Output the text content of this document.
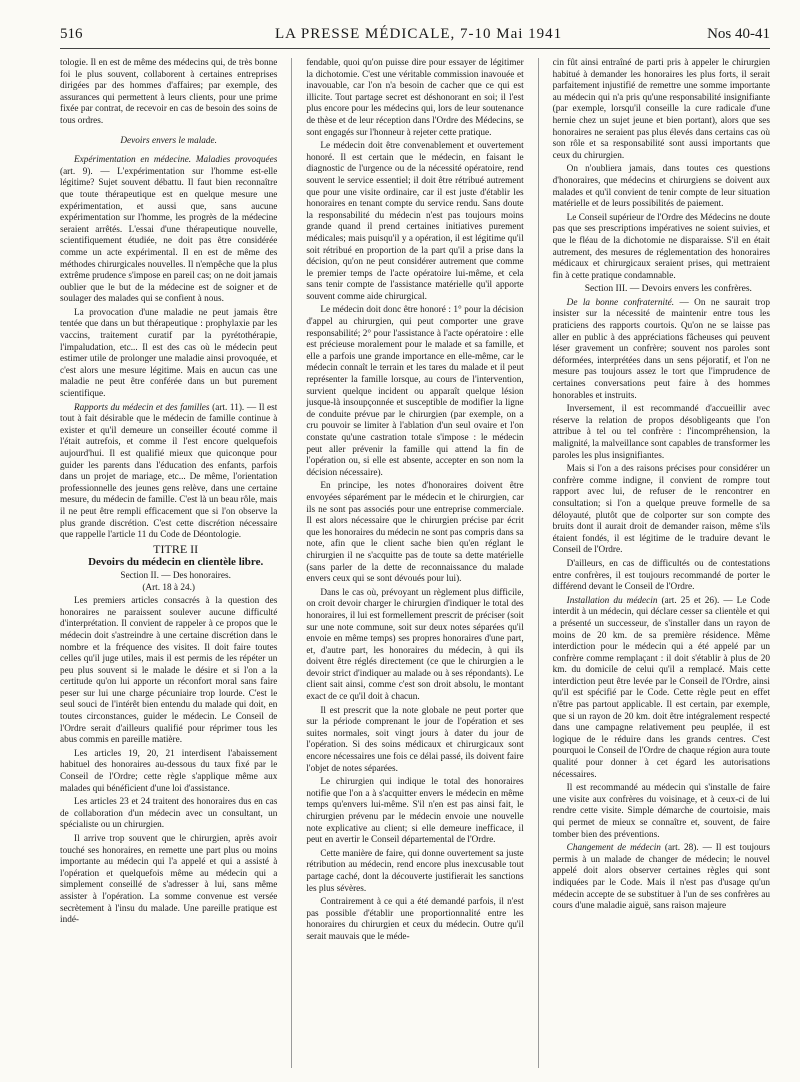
516	LA PRESSE MÉDICALE, 7-10 Mai 1941	Nos 40-41

tologie. Il en est de même des médecins qui, de très bonne foi le plus souvent, collaborent à certaines entreprises dirigées par des hommes d'affaires; par exemple, des assurances qui permettent à leurs clients, pour une prime fixée par contrat, de recevoir en cas de besoin des soins de tous ordres.

Devoirs envers le malade.

Expérimentation en médecine. Maladies provoquées (art. 9). — L'expérimentation sur l'homme est-elle légitime? Sujet souvent débattu. Il faut bien reconnaître que toute thérapeutique est en quelque mesure une expérimentation, et aussi que, sans aucune expérimentation sur l'homme, les progrès de la médecine seraient arrêtés. L'essai d'une thérapeutique nouvelle, scientifiquement étudiée, ne doit pas être considérée comme un acte expérimental. Il en est de même des méthodes chirurgicales nouvelles. Il n'empêche que la plus extrême prudence s'impose en pareil cas; on ne doit jamais oublier que le but de la médecine est de soigner et de soulager des malades qui se confient à nous.

La provocation d'une maladie ne peut jamais être tentée que dans un but thérapeutique : prophylaxie par les vaccins, traitement curatif par la pyrétothérapie, l'impaludation, etc... Il est des cas où le médecin peut estimer utile de prolonger une maladie ainsi provoquée, et c'est alors une mesure légitime. Mais en aucun cas une maladie ne peut être conférée dans un but purement scientifique.

Rapports du médecin et des familles (art. 11). — Il est tout à fait désirable que le médecin de famille continue à exister et qu'il demeure un conseiller écouté comme il l'était autrefois, et comme il l'est encore quelquefois aujourd'hui. Il est qualifié mieux que quiconque pour guider les parents dans l'éducation des enfants, parfois dans un projet de mariage, etc... De même, l'orientation professionnelle des jeunes gens relève, dans une certaine mesure, du médecin de famille. C'est là un beau rôle, mais il ne peut être rempli efficacement que si l'on observe la plus grande discrétion. C'est cette discrétion nécessaire que rappelle l'article 11 du Code de Déontologie.

TITRE II

Devoirs du médecin en clientèle libre.

Section II. — Des honoraires.
(Art. 18 à 24.)

Les premiers articles consacrés à la question des honoraires ne paraissent soulever aucune difficulté d'interprétation. Il convient de rappeler à ce propos que le médecin doit s'astreindre à une certaine discrétion dans le nombre et la fréquence des visites. Il doit faire toutes celles qu'il juge utiles, mais il est permis de les répéter un peu plus souvent si le malade le désire et si l'on a la certitude qu'on lui apporte un réconfort moral sans faire peser sur lui une charge pécuniaire trop lourde. C'est le seul souci de l'intérêt bien entendu du malade qui doit, en toutes circonstances, guider le médecin. Le Conseil de l'Ordre serait d'ailleurs qualifié pour réprimer tous les abus commis en pareille matière.

Les articles 19, 20, 21 interdisent l'abaissement habituel des honoraires au-dessous du taux fixé par le Conseil de l'Ordre; cette règle s'applique même aux malades qui bénéficient d'une loi d'assistance.

Les articles 23 et 24 traitent des honoraires dus en cas de collaboration d'un médecin avec un consultant, un spécialiste ou un chirurgien.

Il arrive trop souvent que le chirurgien, après avoir touché ses honoraires, en remette une part plus ou moins importante au médecin qui l'a appelé et qui a assisté à l'opération et quelquefois même au médecin qui a simplement conseillé de s'adresser à lui, sans même assister à l'opération. La somme convenue est versée secrètement à l'insu du malade. Une pareille pratique est indé-

fendable, quoi qu'on puisse dire pour essayer de légitimer la dichotomie. C'est une véritable commission inavouée et inavouable, car l'on n'a besoin de cacher que ce qui est illicite. Tout partage secret est déshonorant en soi; il l'est plus encore pour les médecins qui, lors de leur soutenance de thèse et de leur réception dans l'Ordre des Médecins, se sont engagés sur l'honneur à rejeter cette pratique.

Le médecin doit être convenablement et ouvertement honoré. Il est certain que le médecin, en faisant le diagnostic de l'urgence ou de la nécessité opératoire, rend souvent le service essentiel; il doit être rétribué autrement que pour une visite ordinaire, car il est juste d'établir les honoraires en tenant compte du service rendu. Sans doute la responsabilité du médecin n'est pas toujours moins grande quand il prend certaines initiatives purement médicales; mais puisqu'il y a opération, il est légitime qu'il soit rétribué en proportion de la part qu'il a prise dans la décision, qu'on ne peut considérer autrement que comme le premier temps de l'acte opératoire lui-même, et cela sans tenir compte de l'assistance matérielle qu'il apporte souvent comme aide chirurgical.

Le médecin doit donc être honoré : 1° pour la décision d'appel au chirurgien, qui peut comporter une grave responsabilité; 2° pour l'assistance à l'acte opératoire : elle est précieuse moralement pour le malade et sa famille, et elle a parfois une grande importance en elle-même, car le médecin connaît le terrain et les tares du malade et il peut représenter la famille lorsque, au cours de l'intervention, survient quelque incident ou apparaît quelque lésion jusque-là insoupçonnée et susceptible de modifier la ligne de conduite prévue par le chirurgien (par exemple, on a cru pouvoir se limiter à l'ablation d'un seul ovaire et l'on constate qu'une castration totale s'impose : le médecin peut aller prévenir la famille qui attend la fin de l'opération ou, si elle est absente, accepter en son nom la décision nécessaire).

En principe, les notes d'honoraires doivent être envoyées séparément par le médecin et le chirurgien, car ils ne sont pas associés pour une entreprise commerciale. Il est alors nécessaire que le chirurgien précise par écrit que les honoraires du médecin ne sont pas compris dans sa note, afin que le client sache bien qu'en réglant le chirurgien il ne s'acquitte pas de toute sa dette matérielle (sans parler de la dette de reconnaissance du malade envers ceux qui se sont dévoués pour lui).

Dans le cas où, prévoyant un règlement plus difficile, on croit devoir charger le chirurgien d'indiquer le total des honoraires, il lui est formellement prescrit de préciser (soit sur une note commune, soit sur deux notes séparées qu'il envoie en même temps) ses propres honoraires d'une part, et, d'autre part, les honoraires du médecin, à qui ils doivent être réglés directement (ce que le chirurgien a le devoir strict d'indiquer au malade ou à ses répondants). Le client sait ainsi, comme c'est son droit absolu, le montant exact de ce qu'il doit à chacun.

Il est prescrit que la note globale ne peut porter que sur la période comprenant le jour de l'opération et ses suites normales, soit vingt jours à dater du jour de l'opération. Si des soins médicaux et chirurgicaux sont encore nécessaires une fois ce délai passé, ils doivent faire l'objet de notes séparées.

Le chirurgien qui indique le total des honoraires notifie que l'on a à s'acquitter envers le médecin en même temps qu'envers lui-même. S'il n'en est pas ainsi fait, le chirurgien prévenu par le médecin envoie une nouvelle note explicative au client; si elle demeure inefficace, il peut en avertir le Conseil départemental de l'Ordre.

Cette manière de faire, qui donne ouvertement sa juste rétribution au médecin, rend encore plus inexcusable tout partage caché, dont la découverte justifierait les sanctions les plus sévères.

Contrairement à ce qui a été demandé parfois, il n'est pas possible d'établir une proportionnalité entre les honoraires du chirurgien et ceux du médecin. Outre qu'il serait mauvais que le méde-

cin fût ainsi entraîné de parti pris à appeler le chirurgien habitué à demander les honoraires les plus forts, il serait parfaitement injustifié de remettre une somme importante au médecin qui n'a pris qu'une responsabilité insignifiante (par exemple, lorsqu'il conseille la cure radicale d'une hernie chez un sujet jeune et bien portant), alors que ses honoraires ne seraient pas plus élevés dans certains cas où son rôle et sa responsabilité sont aussi importants que ceux du chirurgien.

On n'oubliera jamais, dans toutes ces questions d'honoraires, que médecins et chirurgiens se doivent aux malades et qu'il convient de tenir compte de leur situation matérielle et de leurs possibilités de paiement.

Le Conseil supérieur de l'Ordre des Médecins ne doute pas que ses prescriptions impératives ne soient suivies, et que le fléau de la dichotomie ne disparaisse. S'il en était autrement, des mesures de réglementation des honoraires médicaux et chirurgicaux seraient prises, qui mettraient fin à cette pratique condamnable.

Section III. — Devoirs envers les confrères.

De la bonne confraternité. — On ne saurait trop insister sur la nécessité de maintenir entre tous les praticiens des rapports courtois. Qu'on ne se laisse pas aller en public à des appréciations fâcheuses qui peuvent léser gravement un confrère; souvent nos paroles sont déformées, interprétées dans un sens péjoratif, et l'on ne mesure pas toujours assez le tort que l'imprudence de certaines conversations peut faire à des hommes honorables et instruits.

Inversement, il est recommandé d'accueillir avec réserve la relation de propos désobligeants que l'on attribue à tel ou tel confrère : l'incompréhension, la malignité, la malveillance sont capables de transformer les paroles les plus insignifiantes.

Mais si l'on a des raisons précises pour considérer un confrère comme indigne, il convient de rompre tout rapport avec lui, de refuser de le rencontrer en consultation; si l'on a quelque preuve formelle de sa déloyauté, plutôt que de colporter sur son compte des bruits dont il aurait droit de demander raison, même s'ils étaient fondés, il est légitime de le traduire devant le Conseil de l'Ordre.

D'ailleurs, en cas de difficultés ou de contestations entre confrères, il est toujours recommandé de porter le différend devant le Conseil de l'Ordre.

Installation du médecin (art. 25 et 26). — Le Code interdit à un médecin, qui déclare cesser sa clientèle et qui a présenté un successeur, de s'installer dans un rayon de moins de 20 km. de sa première résidence. Même interdiction pour le médecin qui a été appelé par un confrère comme remplaçant : il doit s'établir à plus de 20 km. du domicile de celui qu'il a remplacé. Mais cette interdiction peut être levée par le Conseil de l'Ordre, ainsi qu'il est spécifié par le Code. Cette règle peut en effet n'être pas partout applicable. Il est certain, par exemple, que si un rayon de 20 km. doit être intégralement respecté dans une campagne relativement peu peuplée, il est logique de le réduire dans les grands centres. C'est pourquoi le Conseil de l'Ordre de chaque région aura toute qualité pour donner à cet égard les autorisations nécessaires.

Il est recommandé au médecin qui s'installe de faire une visite aux confrères du voisinage, et à ceux-ci de lui rendre cette visite. Simple démarche de courtoisie, mais qui permet de mieux se connaître et, souvent, de faire tomber bien des préventions.

Changement de médecin (art. 28). — Il est toujours permis à un malade de changer de médecin; le nouvel appelé doit alors observer certaines règles qui sont indiquées par le Code. Mais il n'est pas d'usage qu'un médecin accepte de se substituer à l'un de ses confrères au cours d'une maladie aiguë, sans raison majeure
